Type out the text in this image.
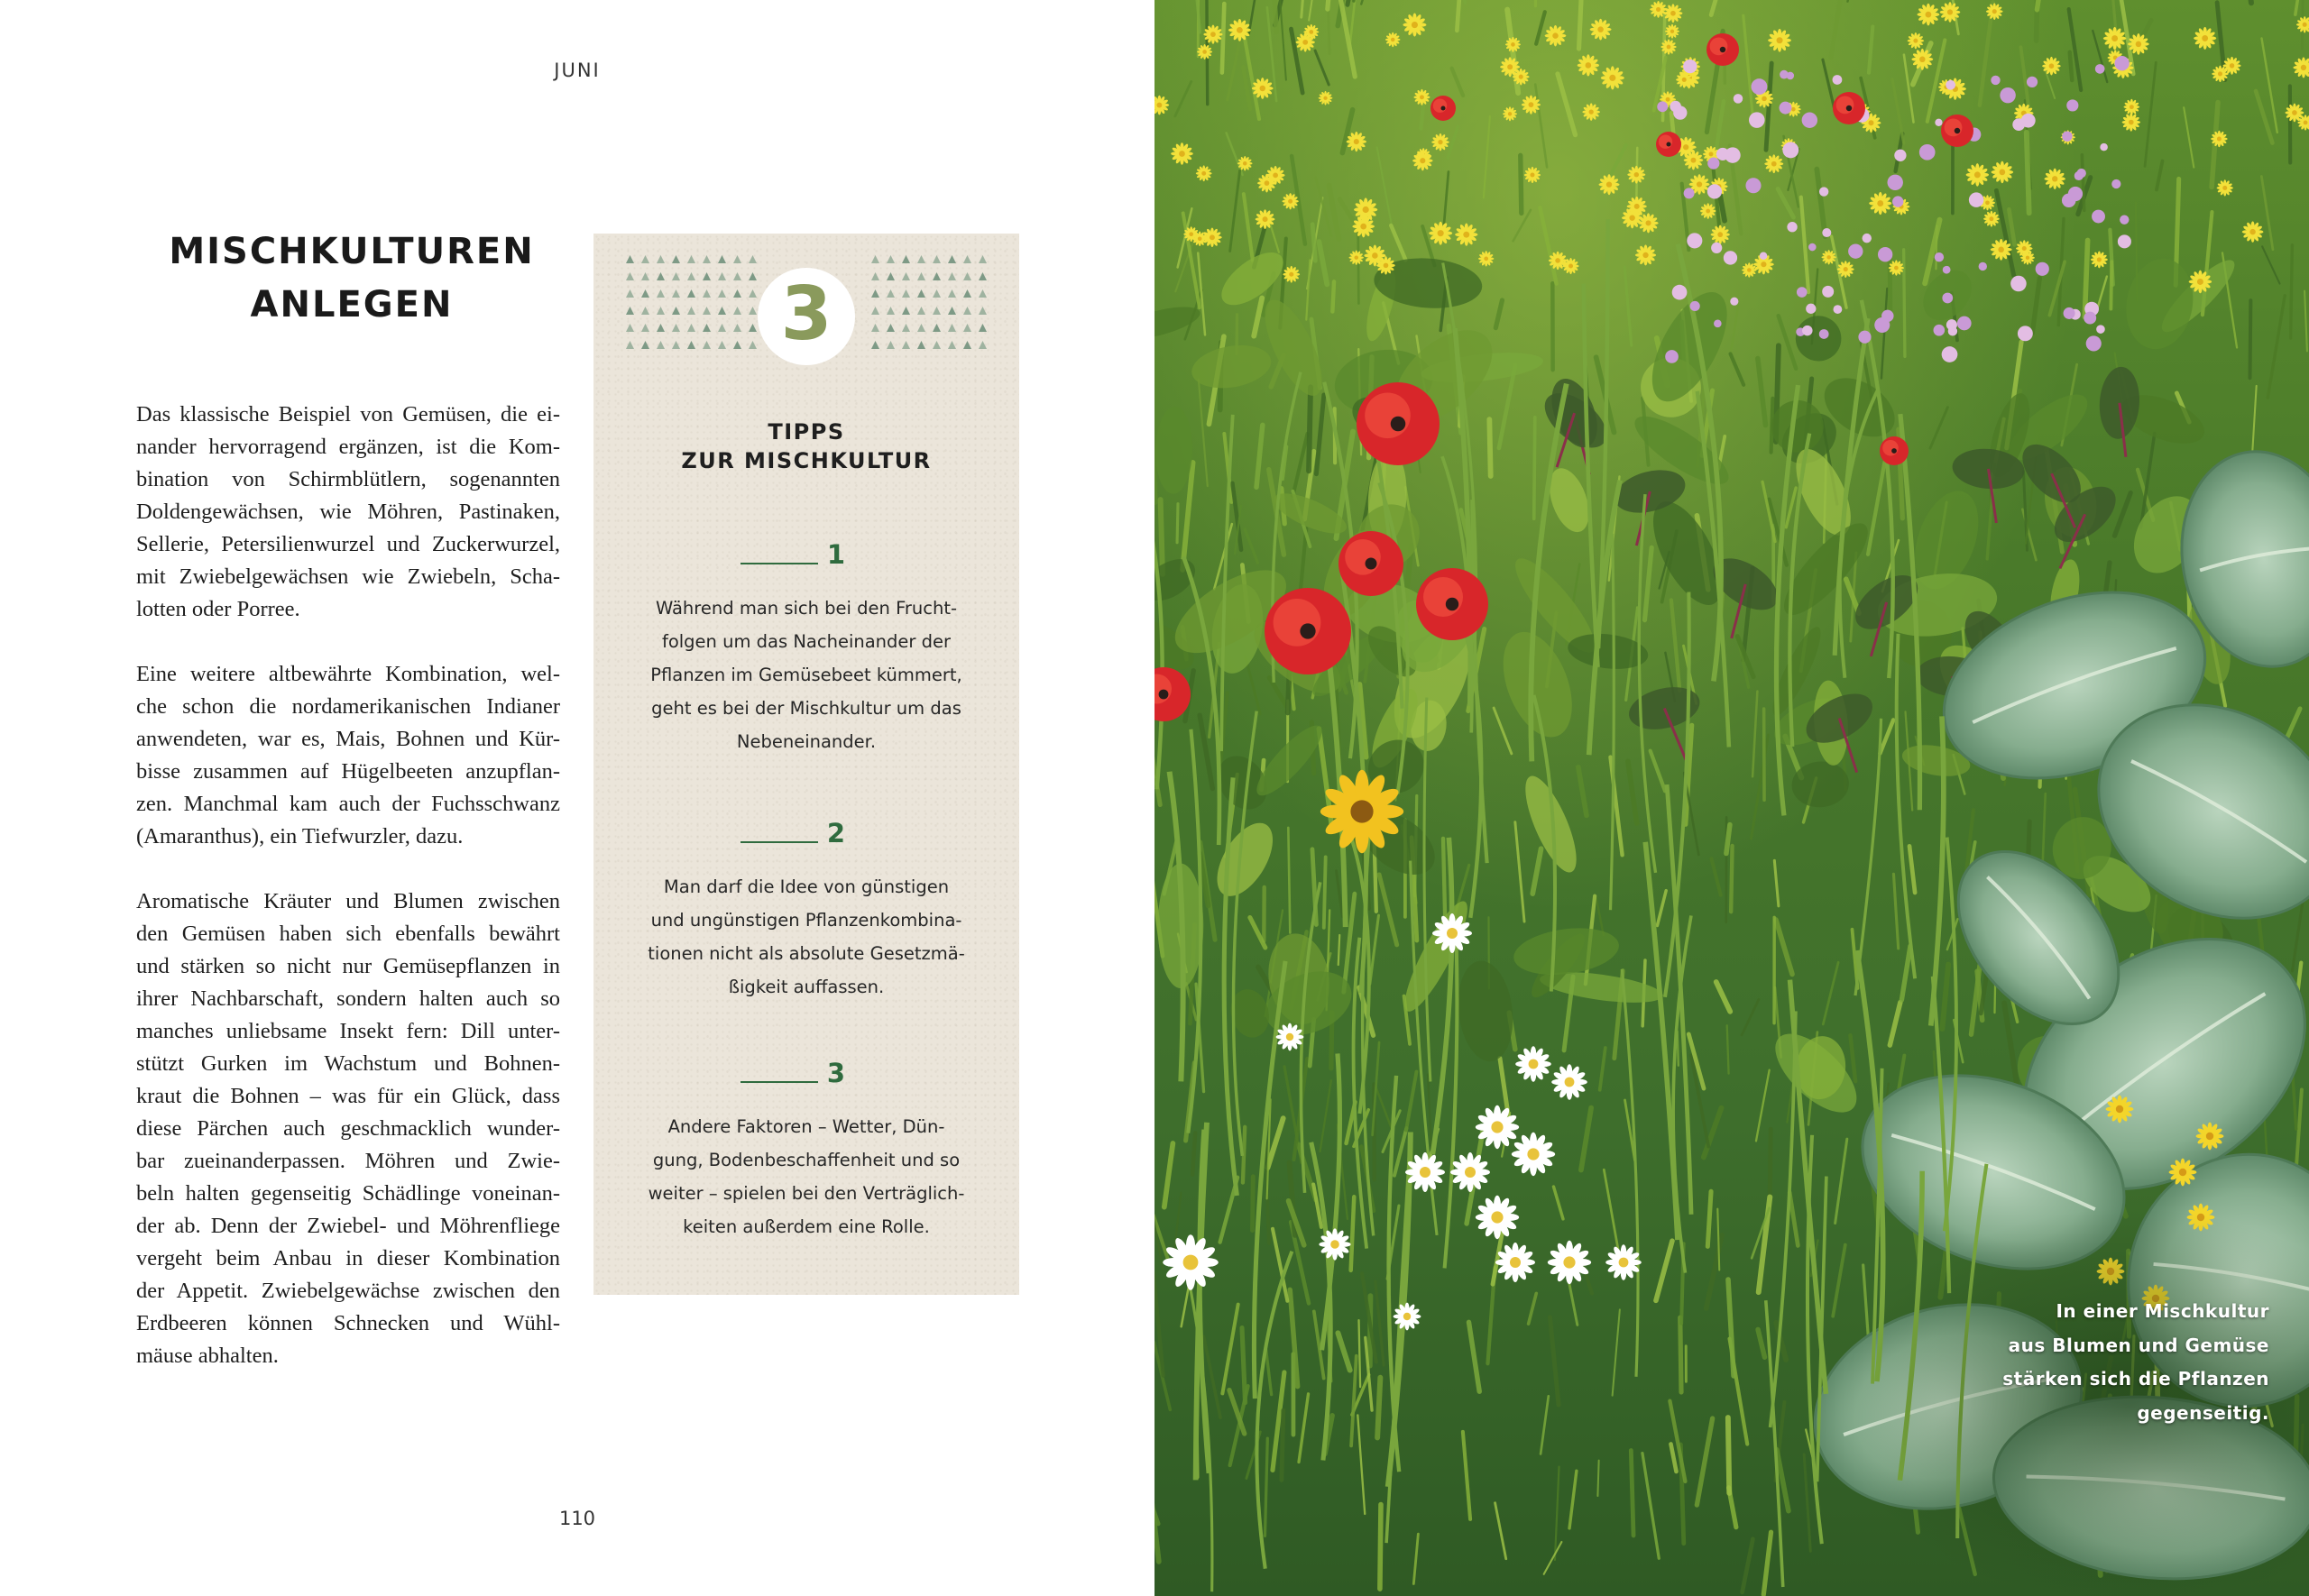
JUNI
MISCHKULTUREN
ANLEGEN

Das klassische Beispiel von Gemüsen, die ei-
nander hervorragend ergänzen, ist die Kom-
bination von Schirmblütlern, sogenannten
Doldengewächsen, wie Möhren, Pastinaken,
Sellerie, Petersilienwurzel und Zuckerwurzel,
mit Zwiebelgewächsen wie Zwiebeln, Scha-
lotten oder Porree.

Eine weitere altbewährte Kombination, wel-
che schon die nordamerikanischen Indianer
anwendeten, war es, Mais, Bohnen und Kür-
bisse zusammen auf Hügelbeeten anzupflan-
zen. Manchmal kam auch der Fuchsschwanz
(Amaranthus), ein Tiefwurzler, dazu.

Aromatische Kräuter und Blumen zwischen
den Gemüsen haben sich ebenfalls bewährt
und stärken so nicht nur Gemüsepflanzen in
ihrer Nachbarschaft, sondern halten auch so
manches unliebsame Insekt fern: Dill unter-
stützt Gurken im Wachstum und Bohnen-
kraut die Bohnen – was für ein Glück, dass
diese Pärchen auch geschmacklich wunder-
bar zueinanderpassen. Möhren und Zwie-
beln halten gegenseitig Schädlinge voneinan-
der ab. Denn der Zwiebel- und Möhrenfliege
vergeht beim Anbau in dieser Kombination
der Appetit. Zwiebelgewächse zwischen den
Erdbeeren können Schnecken und Wühl-
mäuse abhalten.

3
TIPPS
ZUR MISCHKULTUR
1
Während man sich bei den Frucht-
folgen um das Nacheinander der
Pflanzen im Gemüsebeet kümmert,
geht es bei der Mischkultur um das
Nebeneinander.
2
Man darf die Idee von günstigen
und ungünstigen Pflanzenkombina-
tionen nicht als absolute Gesetzmä-
ßigkeit auffassen.
3
Andere Faktoren – Wetter, Dün-
gung, Bodenbeschaffenheit und so
weiter – spielen bei den Verträglich-
keiten außerdem eine Rolle.
110
In einer Mischkultur
aus Blumen und Gemüse
stärken sich die Pflanzen
gegenseitig.
